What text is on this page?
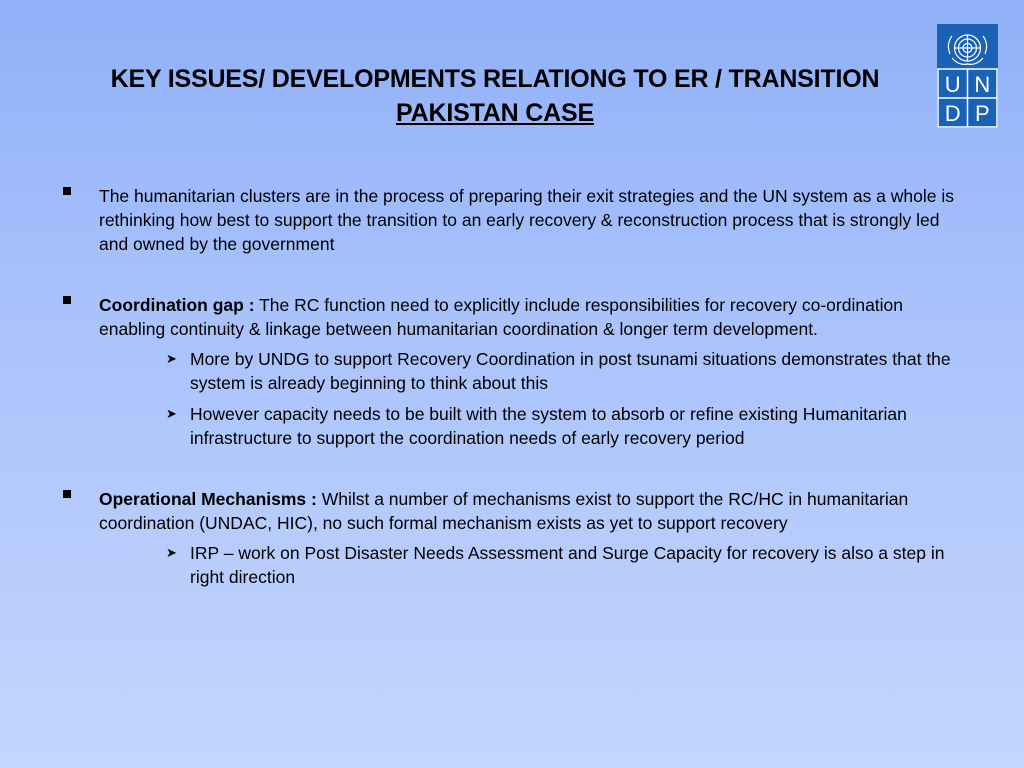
KEY ISSUES/ DEVELOPMENTS RELATIONG TO ER / TRANSITION
PAKISTAN CASE
U N
D P
The humanitarian clusters are in the process of preparing their exit strategies and the UN system as a whole is rethinking how best to support the transition to an early recovery & reconstruction process that is strongly led and owned by the government
Coordination gap : The RC function need to explicitly include responsibilities for recovery co-ordination enabling continuity & linkage between humanitarian coordination & longer term development.
➤ More by UNDG to support Recovery Coordination in post tsunami situations demonstrates that the system is already beginning to think about this
➤ However capacity needs to be built with the system to absorb or refine existing Humanitarian infrastructure to support the coordination needs of early recovery period
Operational Mechanisms : Whilst a number of mechanisms exist to support the RC/HC in humanitarian coordination (UNDAC, HIC), no such formal mechanism exists as yet to support recovery
➤ IRP – work on Post Disaster Needs Assessment and Surge Capacity for recovery is also a step in right direction
